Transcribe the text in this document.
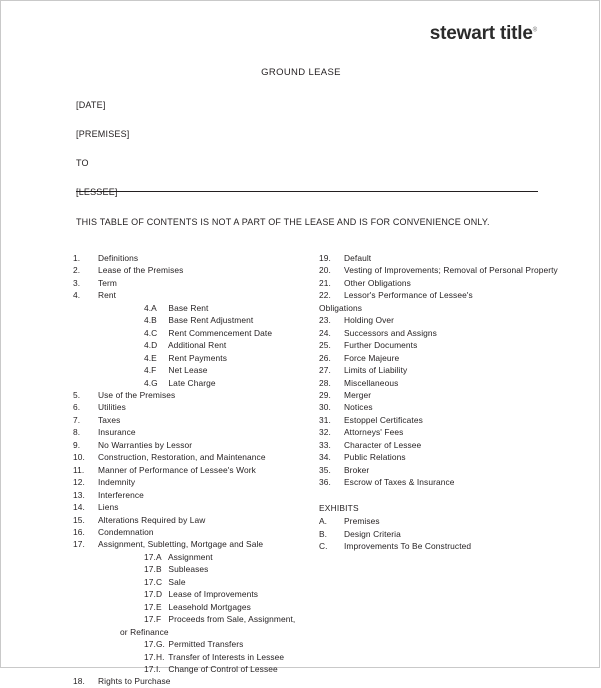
stewart title®
GROUND LEASE
[DATE]
[PREMISES]
TO
[LESSEE]
THIS TABLE OF CONTENTS IS NOT A PART OF THE LEASE AND IS FOR CONVENIENCE ONLY.
1.	Definitions
2.	Lease of the Premises
3.	Term
4.	Rent
4.A Base Rent
4.B Base Rent Adjustment
4.C Rent Commencement Date
4.D Additional Rent
4.E Rent Payments
4.F Net Lease
4.G Late Charge
5.	Use of the Premises
6.	Utilities
7.	Taxes
8.	Insurance
9.	No Warranties by Lessor
10.	Construction, Restoration, and Maintenance
11.	Manner of Performance of Lessee's Work
12.	Indemnity
13.	Interference
14.	Liens
15.	Alterations Required by Law
16.	Condemnation
17.	Assignment, Subletting, Mortgage and Sale
17.A Assignment
17.B Subleases
17.C Sale
17.D Lease of Improvements
17.E Leasehold Mortgages
17.F Proceeds from Sale, Assignment,
or Refinance
17.G. Permitted Transfers
17.H. Transfer of Interests in Lessee
17.I. Change of Control of Lessee
18.	Rights to Purchase
19.	Default
20.	Vesting of Improvements; Removal of Personal Property
21.	Other Obligations
22.	Lessor's Performance of Lessee's
Obligations
23.	Holding Over
24.	Successors and Assigns
25.	Further Documents
26.	Force Majeure
27.	Limits of Liability
28.	Miscellaneous
29.	Merger
30.	Notices
31.	Estoppel Certificates
32.	Attorneys' Fees
33.	Character of Lessee
34.	Public Relations
35.	Broker
36.	Escrow of Taxes & Insurance
EXHIBITS
A.	Premises
B.	Design Criteria
C.	Improvements To Be Constructed
